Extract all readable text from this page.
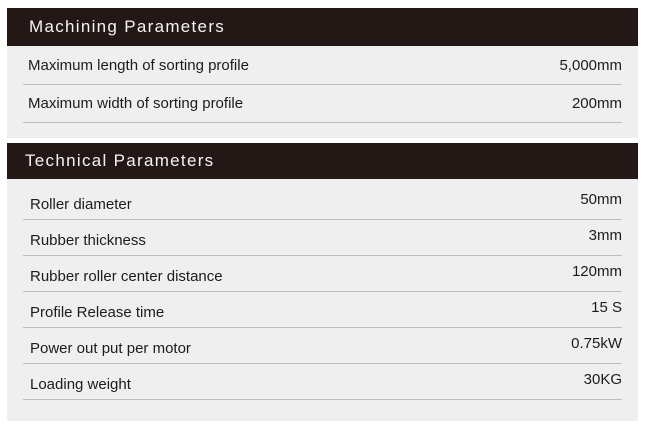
Machining Parameters
Maximum length of sorting profile	5,000mm
Maximum width of sorting profile	200mm
Technical Parameters
Roller diameter	50mm
Rubber thickness	3mm
Rubber roller center distance	120mm
Profile Release time	15 S
Power out put per motor	0.75kW
Loading weight	30KG
